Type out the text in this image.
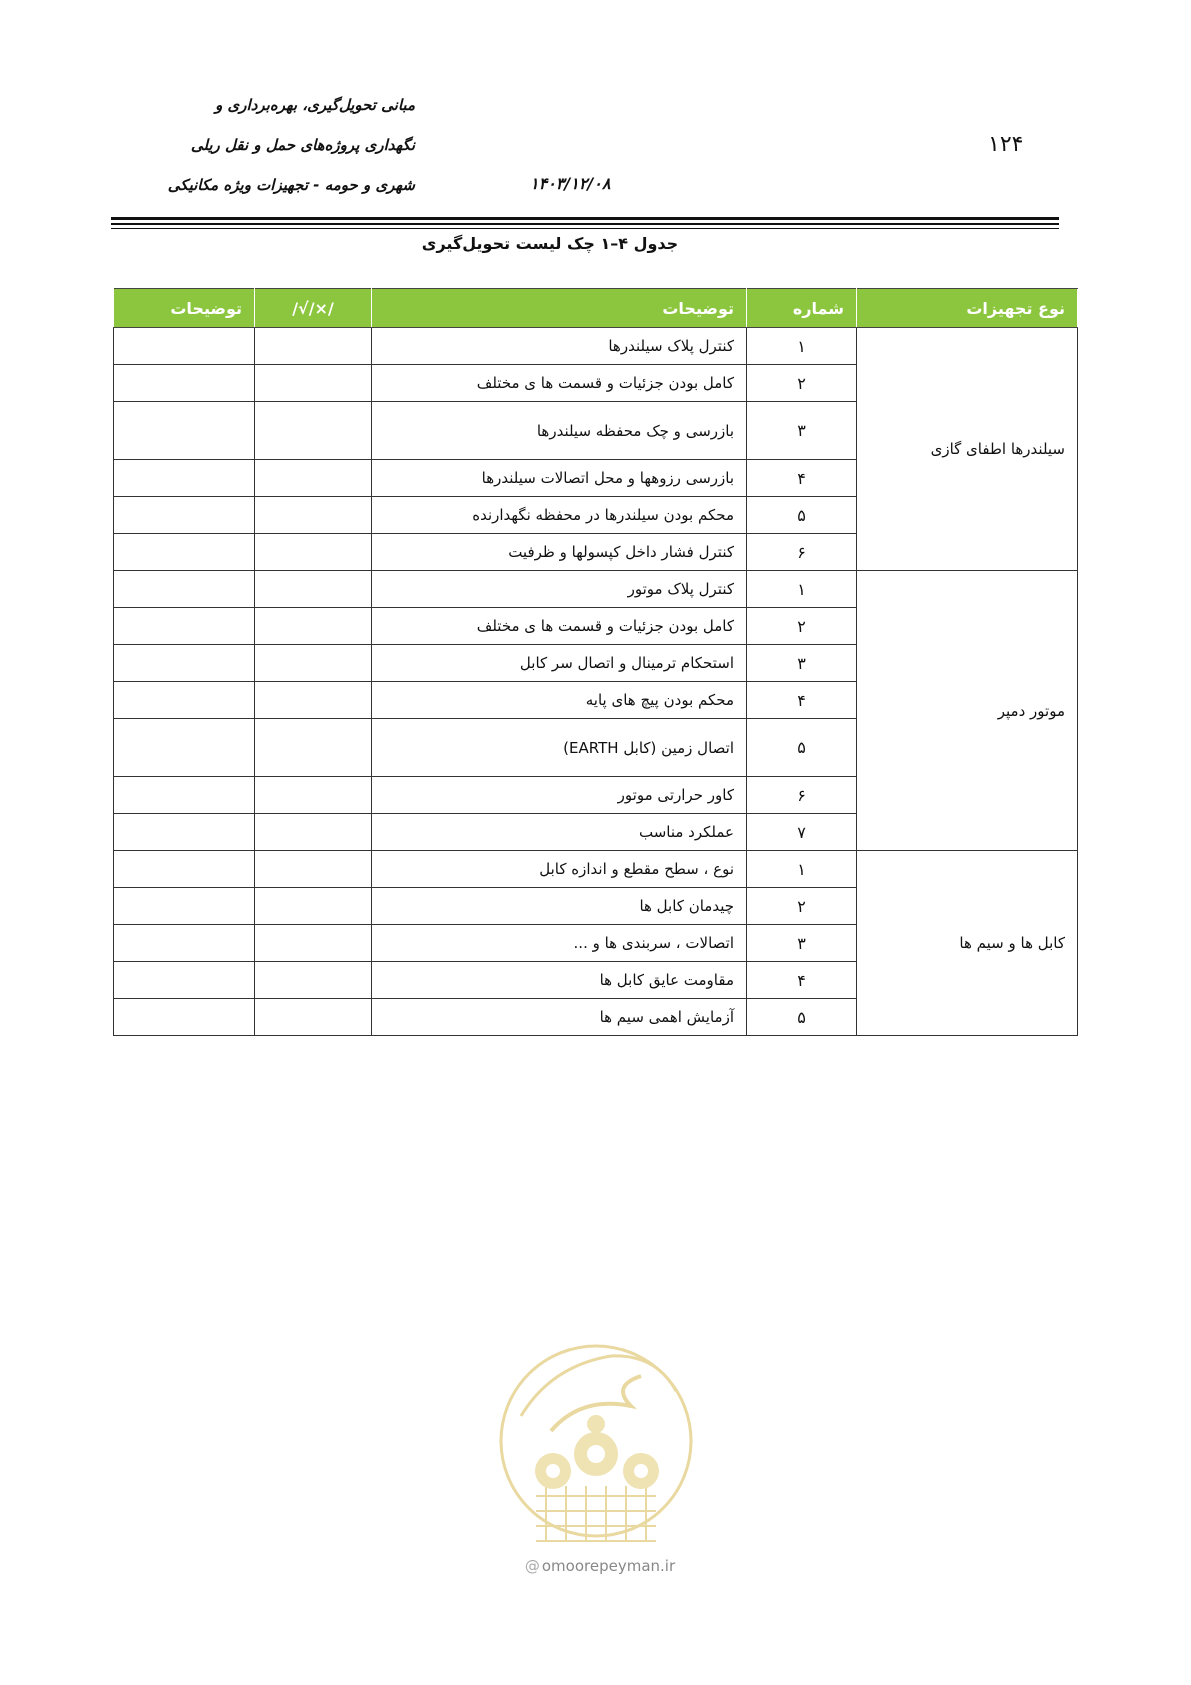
۱۲۴
مبانی تحویل‌گیری، بهره‌برداری و
نگهداری پروژه‌های حمل و نقل ریلی
شهری و حومه - تجهیزات ویژه مکانیکی	۱۴۰۳/۱۲/۰۸
جدول ۴–۱ چک لیست تحویل‌گیری
نوع تجهیزات	شماره	توضیحات	/√/×/	توضیحات
سیلندرها اطفای گازی	۱	کنترل پلاک سیلندرها		
	۲	کامل بودن جزئیات و قسمت ها ی مختلف		
	۳	بازرسی و چک محفظه سیلندرها		
	۴	بازرسی رزوهها و محل اتصالات سیلندرها		
	۵	محکم بودن سیلندرها در محفظه نگهدارنده		
	۶	کنترل فشار داخل کپسولها و ظرفیت		
موتور دمپر	۱	کنترل پلاک موتور		
	۲	کامل بودن جزئیات و قسمت ها ی مختلف		
	۳	استحکام ترمینال و اتصال سر کابل		
	۴	محکم بودن پیچ های پایه		
	۵	اتصال زمین (کابل EARTH)		
	۶	کاور حرارتی موتور		
	۷	عملکرد مناسب		
کابل ها و سیم ها	۱	نوع ، سطح مقطع و اندازه کابل		
	۲	چیدمان کابل ها		
	۳	اتصالات ، سربندی ها و ...		
	۴	مقاومت عایق کابل ها		
	۵	آزمایش اهمی سیم ها		
@ omoorepeyman.ir
